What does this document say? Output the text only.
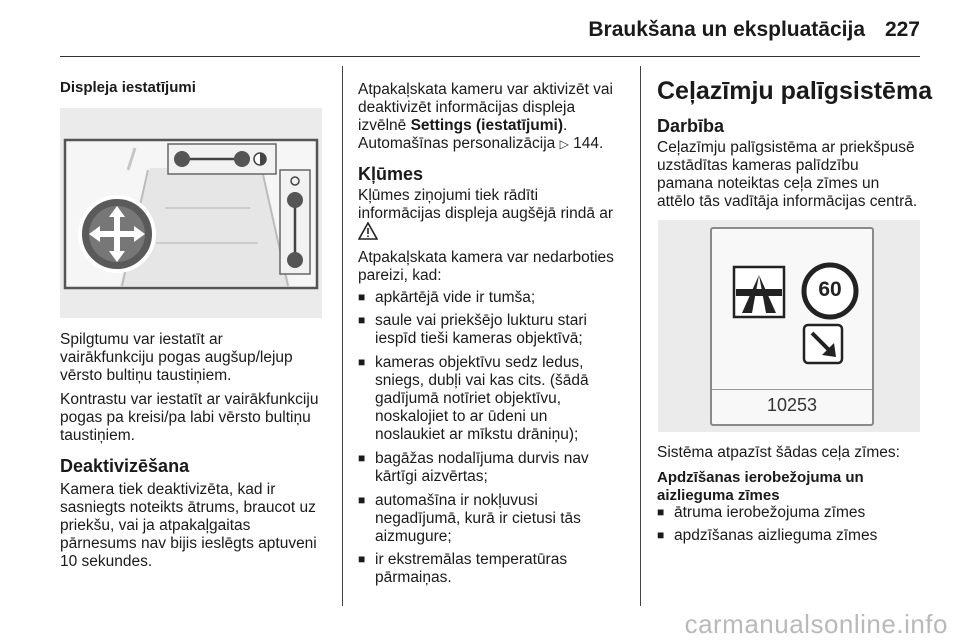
Braukšana un ekspluatācija 227
Displeja iestatījumi
Spilgtumu var iestatīt ar
vairākfunkciju pogas augšup/lejup
vērsto bultiņu taustiņiem.
Kontrastu var iestatīt ar vairākfunkciju
pogas pa kreisi/pa labi vērsto bultiņu
taustiņiem.
Deaktivizēšana
Kamera tiek deaktivizēta, kad ir
sasniegts noteikts ātrums, braucot uz
priekšu, vai ja atpakaļgaitas
pārnesums nav bijis ieslēgts aptuveni
10 sekundes.
Atpakaļskata kameru var aktivizēt vai
deaktivizēt informācijas displeja
izvēlnē Settings (iestatījumi).
Automašīnas personalizācija ▷ 144.
Kļūmes
Kļūmes ziņojumi tiek rādīti
informācijas displeja augšējā rindā ar
Atpakaļskata kamera var nedarboties
pareizi, kad:
■ apkārtējā vide ir tumša;
■ saule vai priekšējo lukturu stari
iespīd tieši kameras objektīvā;
■ kameras objektīvu sedz ledus,
sniegs, dubļi vai kas cits. (šādā
gadījumā notīriet objektīvu,
noskalojiet to ar ūdeni un
noslaukiet ar mīkstu drāniņu);
■ bagāžas nodalījuma durvis nav
kārtīgi aizvērtas;
■ automašīna ir nokļuvusi
negadījumā, kurā ir cietusi tās
aizmugure;
■ ir ekstremālas temperatūras
pārmaiņas.
Ceļazīmju palīgsistēma
Darbība
Ceļazīmju palīgsistēma ar priekšpusē
uzstādītas kameras palīdzību
pamana noteiktas ceļa zīmes un
attēlo tās vadītāja informācijas centrā.
60
10253
Sistēma atpazīst šādas ceļa zīmes:
Apdzīšanas ierobežojuma un
aizlieguma zīmes
■ ātruma ierobežojuma zīmes
■ apdzīšanas aizlieguma zīmes
carmanualsonline.info
